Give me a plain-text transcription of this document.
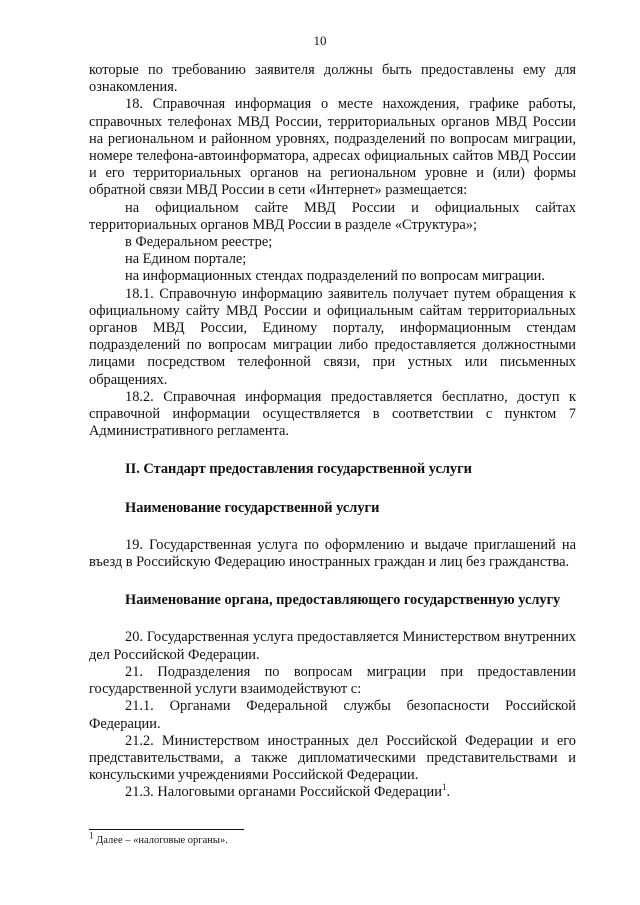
10

которые по требованию заявителя должны быть предоставлены ему для ознакомления.

18. Справочная информация о месте нахождения, графике работы, справочных телефонах МВД России, территориальных органов МВД России на региональном и районном уровнях, подразделений по вопросам миграции, номере телефона-автоинформатора, адресах официальных сайтов МВД России и его территориальных органов на региональном уровне и (или) формы обратной связи МВД России в сети «Интернет» размещается:

на официальном сайте МВД России и официальных сайтах территориальных органов МВД России в разделе «Структура»;

в Федеральном реестре;

на Едином портале;

на информационных стендах подразделений по вопросам миграции.

18.1. Справочную информацию заявитель получает путем обращения к официальному сайту МВД России и официальным сайтам территориальных органов МВД России, Единому порталу, информационным стендам подразделений по вопросам миграции либо предоставляется должностными лицами посредством телефонной связи, при устных или письменных обращениях.

18.2. Справочная информация предоставляется бесплатно, доступ к справочной информации осуществляется в соответствии с пунктом 7 Административного регламента.

II. Стандарт предоставления государственной услуги

Наименование государственной услуги

19. Государственная услуга по оформлению и выдаче приглашений на въезд в Российскую Федерацию иностранных граждан и лиц без гражданства.

Наименование органа, предоставляющего государственную услугу

20. Государственная услуга предоставляется Министерством внутренних дел Российской Федерации.

21. Подразделения по вопросам миграции при предоставлении государственной услуги взаимодействуют с:

21.1. Органами Федеральной службы безопасности Российской Федерации.

21.2. Министерством иностранных дел Российской Федерации и его представительствами, а также дипломатическими представительствами и консульскими учреждениями Российской Федерации.

21.3. Налоговыми органами Российской Федерации$^1$.

$^1$ Далее – «налоговые органы».
